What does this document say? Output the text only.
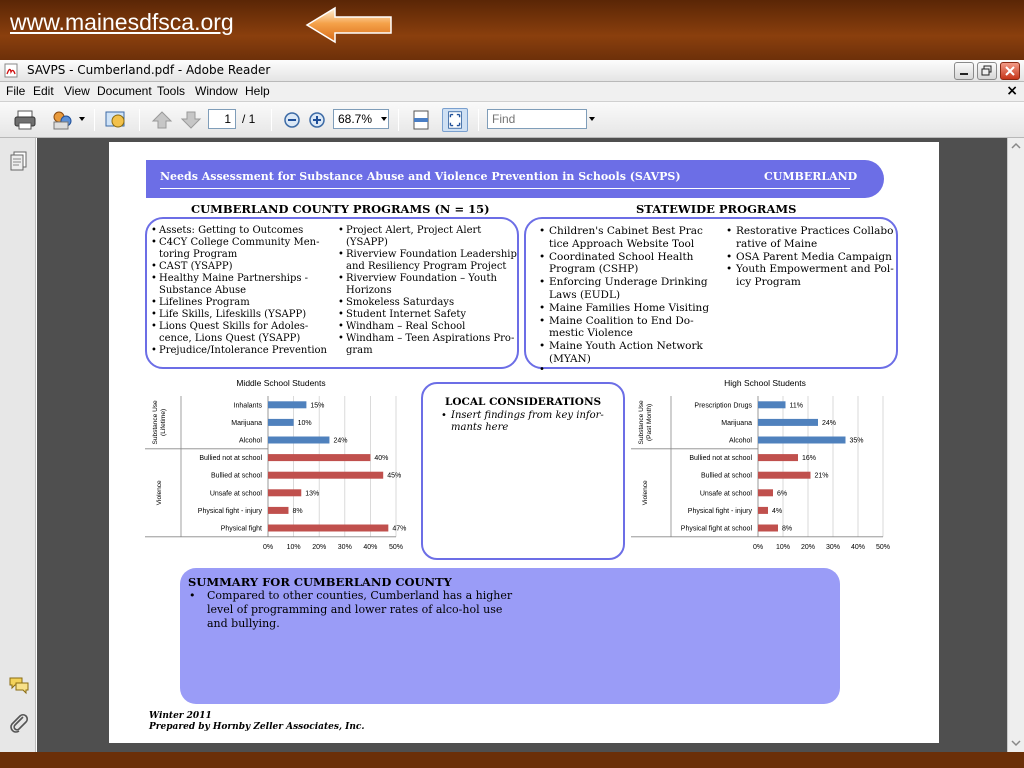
www.mainesdfsca.org
SAVPS - Cumberland.pdf - Adobe Reader
File Edit View Document Tools Window Help	×
1
/ 1
68.7%
Find
Needs Assessment for Substance Abuse and Violence Prevention in Schools (SAVPS)	CUMBERLAND
CUMBERLAND COUNTY PROGRAMS (N = 15)	STATEWIDE PROGRAMS
• Assets: Getting to Outcomes
• C4CY College Community Men-toring Program
• CAST (YSAPP)
• Healthy Maine Partnerships - Substance Abuse
• Lifelines Program
• Life Skills, Lifeskills (YSAPP)
• Lions Quest Skills for Adoles-cence, Lions Quest (YSAPP)
• Prejudice/Intolerance Prevention
• Project Alert, Project Alert (YSAPP)
• Riverview Foundation Leadership and Resiliency Program Project
• Riverview Foundation – Youth Horizons
• Smokeless Saturdays
• Student Internet Safety
• Windham – Real School
• Windham – Teen Aspirations Pro-gram
• Children's Cabinet Best Prac tice Approach Website Tool
• Coordinated School Health Program (CSHP)
• Enforcing Underage Drinking Laws (EUDL)
• Maine Families Home Visiting
• Maine Coalition to End Do-mestic Violence
• Maine Youth Action Network (MYAN)
•
• Restorative Practices Collabo rative of Maine
• OSA Parent Media Campaign
• Youth Empowerment and Pol-icy Program
Middle School Students
0% 10% 20% 30% 40% 50%
Substance Use (Lifetime)
Violence
Inhalants	15%
Marijuana	10%
Alcohol	24%
Bullied not at school	40%
Bullied at school	45%
Unsafe at school	13%
Physical fight - injury	8%
Physical fight	47%
LOCAL CONSIDERATIONS
• Insert findings from key infor-mants here
High School Students
0% 10% 20% 30% 40% 50%
Substance Use (Past Month)
Violence
Prescription Drugs	11%
Marijuana	24%
Alcohol	35%
Bullied not at school	16%
Bullied at school	21%
Unsafe at school	6%
Physical fight - injury	4%
Physical fight at school	8%
SUMMARY FOR CUMBERLAND COUNTY
• Compared to other counties, Cumberland has a higher level of programming and lower rates of alco-hol use and bullying.
Winter 2011
Prepared by Hornby Zeller Associates, Inc.
